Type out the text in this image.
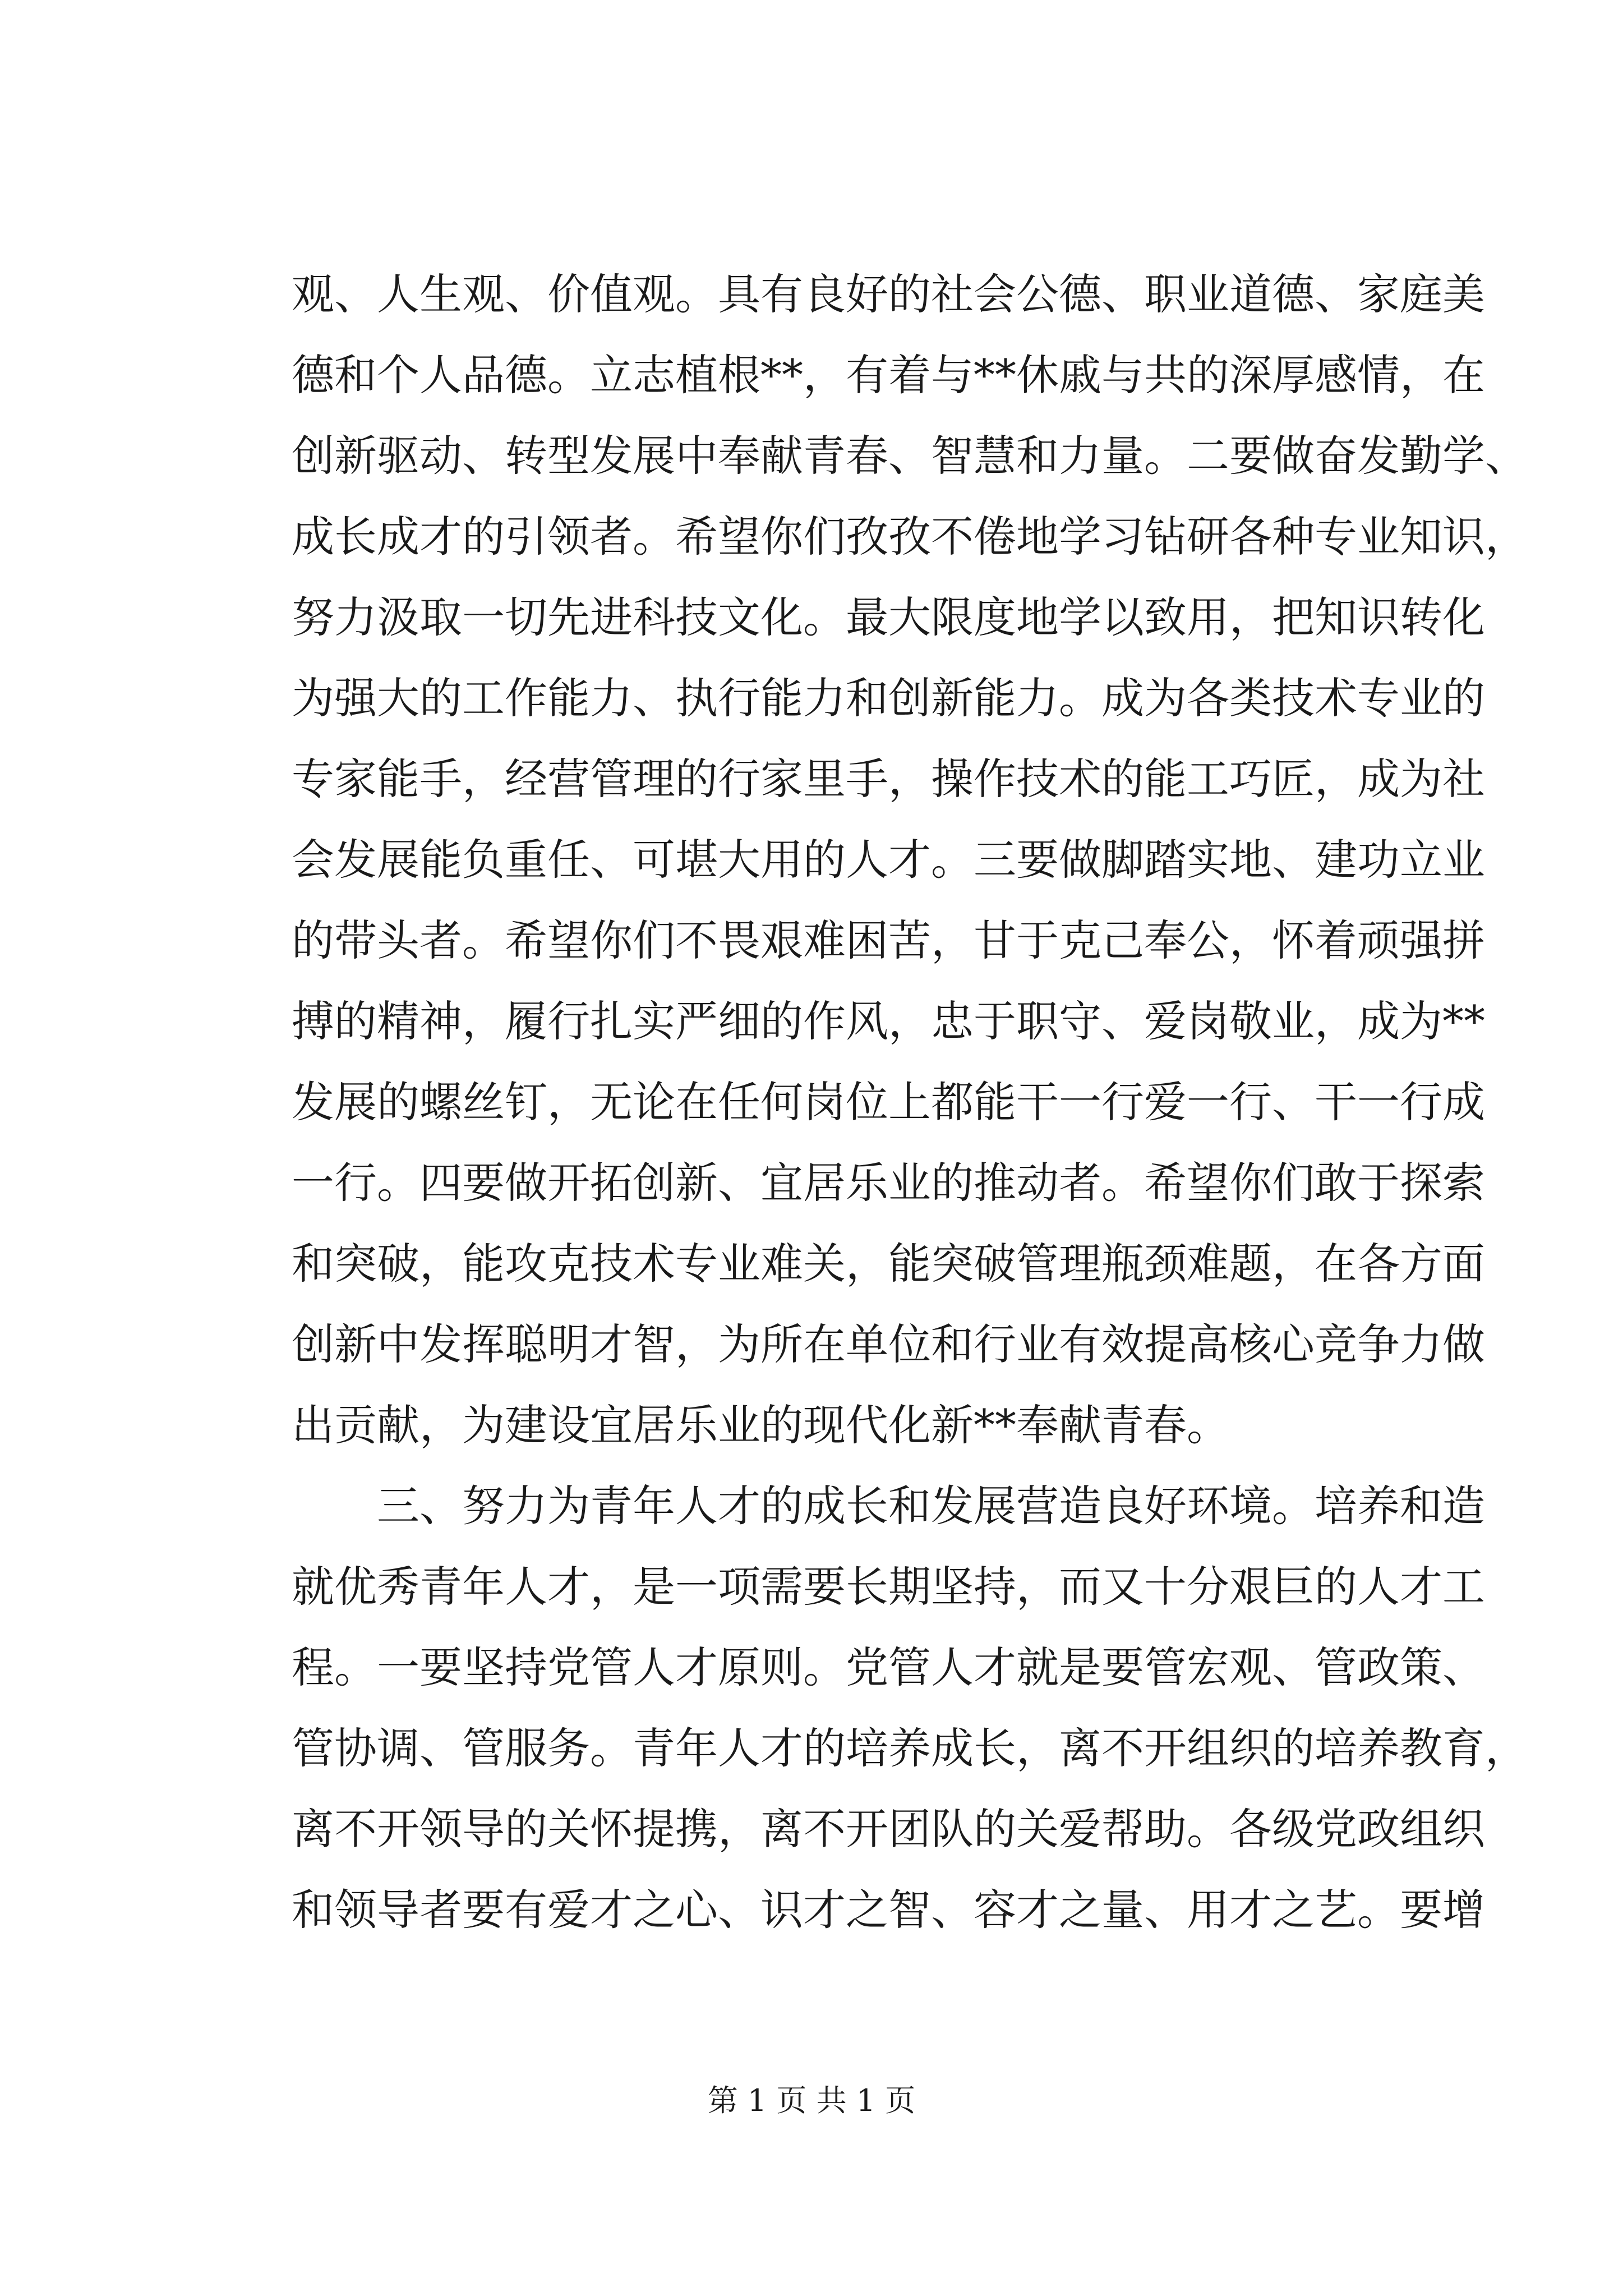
观、人生观、价值观。具有良好的社会公德、职业道德、家庭美
德和个人品德。立志植根**，有着与**休戚与共的深厚感情，在
创新驱动、转型发展中奉献青春、智慧和力量。二要做奋发勤学、
成长成才的引领者。希望你们孜孜不倦地学习钻研各种专业知识，
努力汲取一切先进科技文化。最大限度地学以致用，把知识转化
为强大的工作能力、执行能力和创新能力。成为各类技术专业的
专家能手，经营管理的行家里手，操作技术的能工巧匠，成为社
会发展能负重任、可堪大用的人才。三要做脚踏实地、建功立业
的带头者。希望你们不畏艰难困苦，甘于克己奉公，怀着顽强拼
搏的精神，履行扎实严细的作风，忠于职守、爱岗敬业，成为**
发展的螺丝钉，无论在任何岗位上都能干一行爱一行、干一行成
一行。四要做开拓创新、宜居乐业的推动者。希望你们敢于探索
和突破，能攻克技术专业难关，能突破管理瓶颈难题，在各方面
创新中发挥聪明才智，为所在单位和行业有效提高核心竞争力做
出贡献，为建设宜居乐业的现代化新**奉献青春。
　　三、努力为青年人才的成长和发展营造良好环境。培养和造
就优秀青年人才，是一项需要长期坚持，而又十分艰巨的人才工
程。一要坚持党管人才原则。党管人才就是要管宏观、管政策、
管协调、管服务。青年人才的培养成长，离不开组织的培养教育，
离不开领导的关怀提携，离不开团队的关爱帮助。各级党政组织
和领导者要有爱才之心、识才之智、容才之量、用才之艺。要增
第 1 页 共 1 页
